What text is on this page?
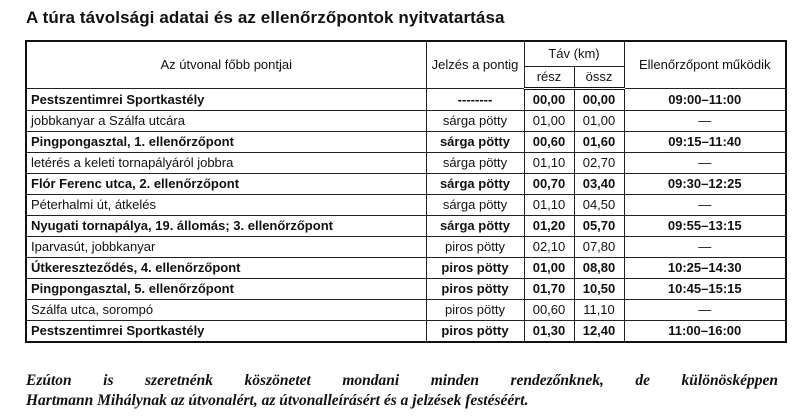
A túra távolsági adatai és az ellenőrzőpontok nyitvatartása
Az útvonal főbb pontjai	Jelzés a pontig	Táv (km)		Ellenőrzőpont működik
		rész	össz	
Pestszentimrei Sportkastély	--------	00,00	00,00	09:00–11:00
jobbkanyar a Szálfa utcára	sárga pötty	01,00	01,00	—
Pingpongasztal, 1. ellenőrzőpont	sárga pötty	00,60	01,60	09:15–11:40
letérés a keleti tornapályáról jobbra	sárga pötty	01,10	02,70	—
Flór Ferenc utca, 2. ellenőrzőpont	sárga pötty	00,70	03,40	09:30–12:25
Péterhalmi út, átkelés	sárga pötty	01,10	04,50	—
Nyugati tornapálya, 19. állomás; 3. ellenőrzőpont	sárga pötty	01,20	05,70	09:55–13:15
Iparvasút, jobbkanyar	piros pötty	02,10	07,80	—
Útkereszteződés, 4. ellenőrzőpont	piros pötty	01,00	08,80	10:25–14:30
Pingpongasztal, 5. ellenőrzőpont	piros pötty	01,70	10,50	10:45–15:15
Szálfa utca, sorompó	piros pötty	00,60	11,10	—
Pestszentimrei Sportkastély	piros pötty	01,30	12,40	11:00–16:00
Ezúton is szeretnénk köszönetet mondani minden rendezőnknek, de különösképpen
Hartmann Mihálynak az útvonalért, az útvonalleírásért és a jelzések festéséért.
